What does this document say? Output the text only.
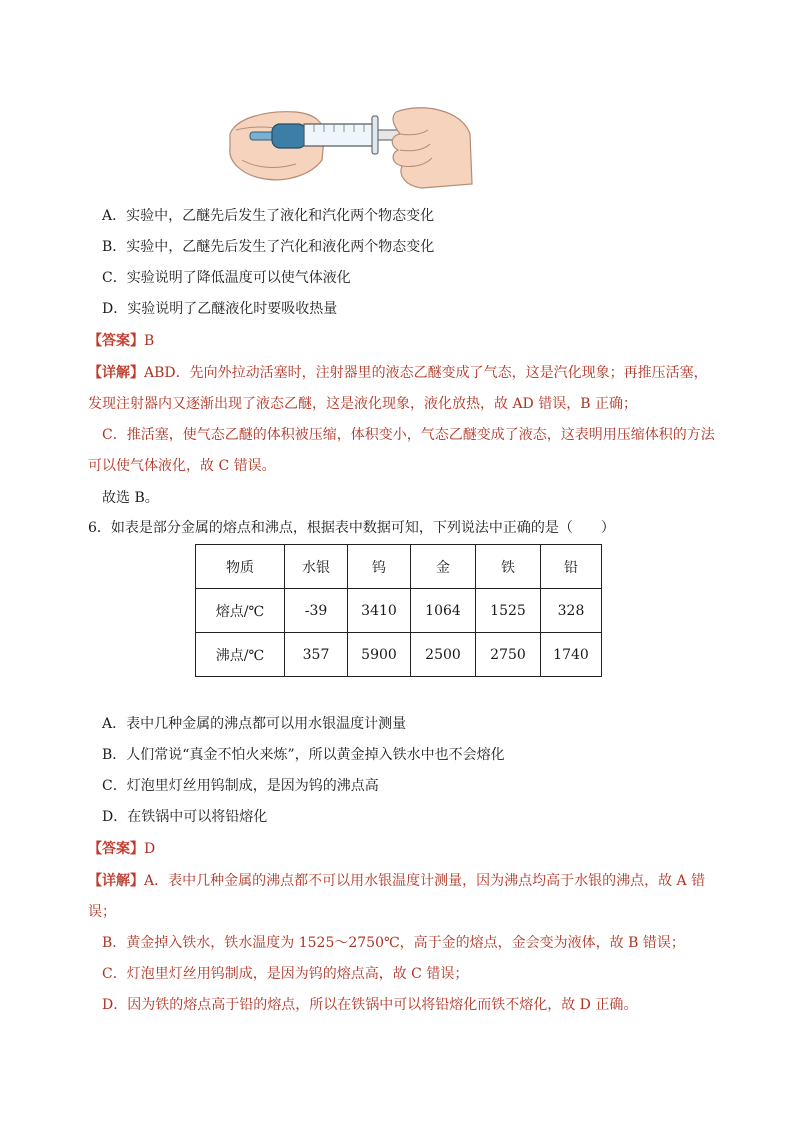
A．实验中，乙醚先后发生了液化和汽化两个物态变化
B．实验中，乙醚先后发生了汽化和液化两个物态变化
C．实验说明了降低温度可以使气体液化
D．实验说明了乙醚液化时要吸收热量
【答案】B
【详解】ABD．先向外拉动活塞时，注射器里的液态乙醚变成了气态，这是汽化现象；再推压活塞，
发现注射器内又逐渐出现了液态乙醚，这是液化现象，液化放热，故 AD 错误，B 正确；
C．推活塞，使气态乙醚的体积被压缩，体积变小，气态乙醚变成了液态，这表明用压缩体积的方法
可以使气体液化，故 C 错误。
故选 B。
6．如表是部分金属的熔点和沸点，根据表中数据可知，下列说法中正确的是（　　）
物质	水银	钨	金	铁	铅
熔点/℃	-39	3410	1064	1525	328
沸点/℃	357	5900	2500	2750	1740
A．表中几种金属的沸点都可以用水银温度计测量
B．人们常说“真金不怕火来炼”，所以黄金掉入铁水中也不会熔化
C．灯泡里灯丝用钨制成，是因为钨的沸点高
D．在铁锅中可以将铅熔化
【答案】D
【详解】A．表中几种金属的沸点都不可以用水银温度计测量，因为沸点均高于水银的沸点，故 A 错
误；
B．黄金掉入铁水，铁水温度为 1525～2750℃，高于金的熔点，金会变为液体，故 B 错误；
C．灯泡里灯丝用钨制成，是因为钨的熔点高，故 C 错误；
D．因为铁的熔点高于铅的熔点，所以在铁锅中可以将铅熔化而铁不熔化，故 D 正确。
